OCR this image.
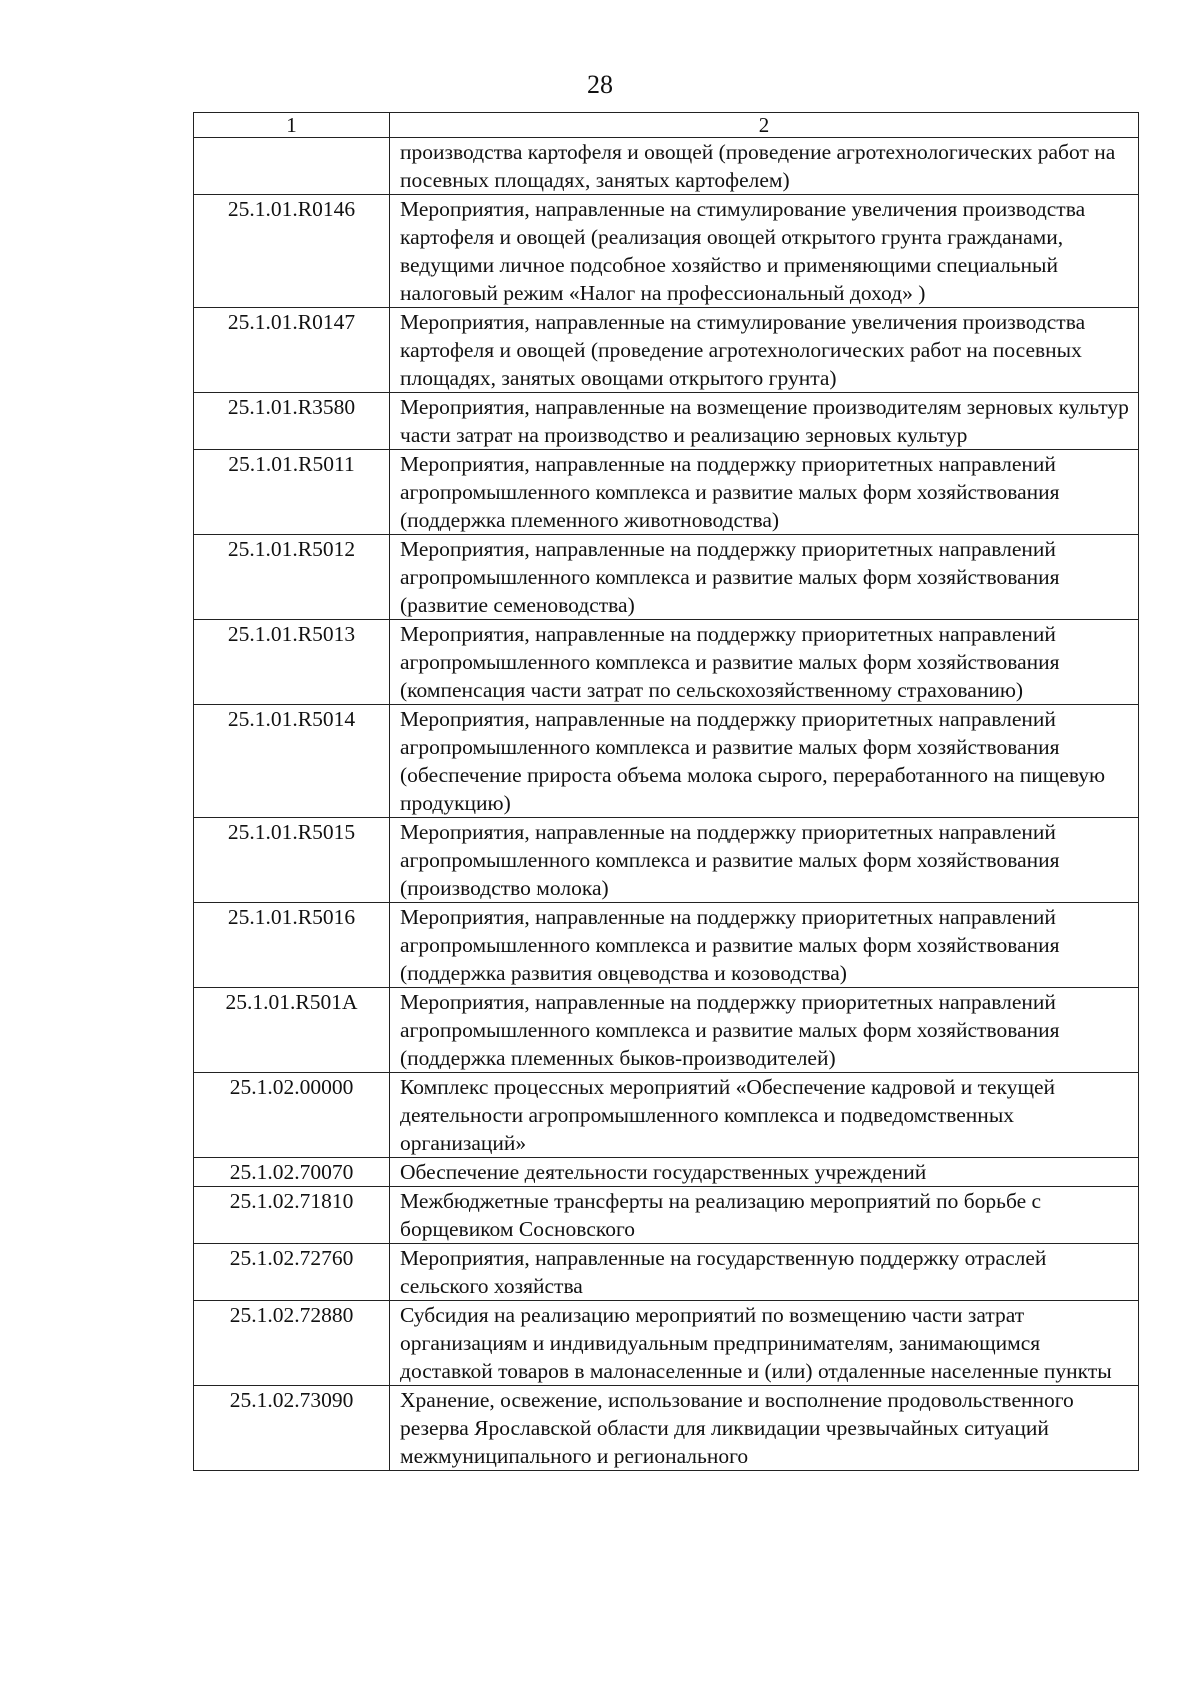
28
1	2
	производства картофеля и овощей (проведение агротехнологических работ на посевных площадях, занятых картофелем)
25.1.01.R0146	Мероприятия, направленные на стимулирование увеличения производства картофеля и овощей (реализация овощей открытого грунта гражданами, ведущими личное подсобное хозяйство и применяющими специальный налоговый режим «Налог на профессиональный доход» )
25.1.01.R0147	Мероприятия, направленные на стимулирование увеличения производства картофеля и овощей (проведение агротехнологических работ на посевных площадях, занятых овощами открытого грунта)
25.1.01.R3580	Мероприятия, направленные на возмещение производителям зерновых культур части затрат на производство и реализацию зерновых культур
25.1.01.R5011	Мероприятия, направленные на поддержку приоритетных направлений агропромышленного комплекса и развитие малых форм хозяйствования (поддержка племенного животноводства)
25.1.01.R5012	Мероприятия, направленные на поддержку приоритетных направлений агропромышленного комплекса и развитие малых форм хозяйствования (развитие семеноводства)
25.1.01.R5013	Мероприятия, направленные на поддержку приоритетных направлений агропромышленного комплекса и развитие малых форм хозяйствования (компенсация части затрат по сельскохозяйственному страхованию)
25.1.01.R5014	Мероприятия, направленные на поддержку приоритетных направлений агропромышленного комплекса и развитие малых форм хозяйствования (обеспечение прироста объема молока сырого, переработанного на пищевую продукцию)
25.1.01.R5015	Мероприятия, направленные на поддержку приоритетных направлений агропромышленного комплекса и развитие малых форм хозяйствования (производство молока)
25.1.01.R5016	Мероприятия, направленные на поддержку приоритетных направлений агропромышленного комплекса и развитие малых форм хозяйствования (поддержка развития овцеводства и козоводства)
25.1.01.R501A	Мероприятия, направленные на поддержку приоритетных направлений агропромышленного комплекса и развитие малых форм хозяйствования (поддержка племенных быков-производителей)
25.1.02.00000	Комплекс процессных мероприятий «Обеспечение кадровой и текущей деятельности агропромышленного комплекса и подведомственных организаций»
25.1.02.70070	Обеспечение деятельности государственных учреждений
25.1.02.71810	Межбюджетные трансферты на реализацию мероприятий по борьбе с борщевиком Сосновского
25.1.02.72760	Мероприятия, направленные на государственную поддержку отраслей сельского хозяйства
25.1.02.72880	Субсидия на реализацию мероприятий по возмещению части затрат организациям и индивидуальным предпринимателям, занимающимся доставкой товаров в малонаселенные и (или) отдаленные населенные пункты
25.1.02.73090	Хранение, освежение, использование и восполнение продовольственного резерва Ярославской области для ликвидации чрезвычайных ситуаций межмуниципального и регионального
